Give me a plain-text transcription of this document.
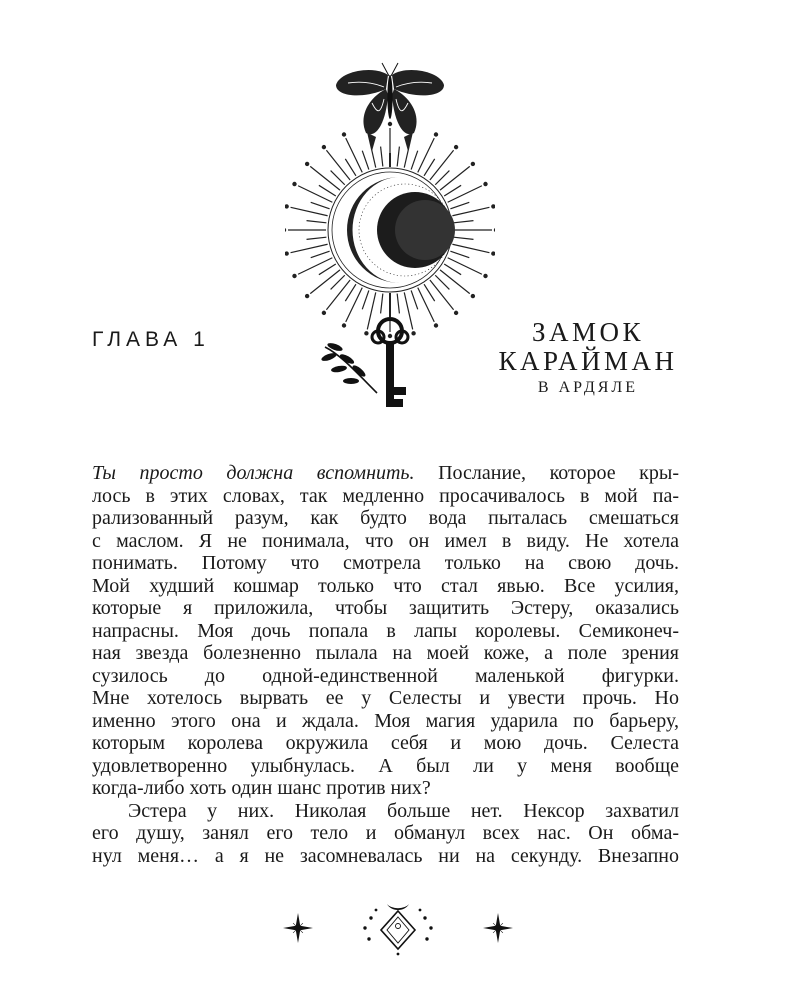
ГЛАВА 1	ЗАМОК
КАРАЙМАН
В АРДЯЛЕ
Ты просто должна вспомнить. Послание, которое кры-
лось в этих словах, так медленно просачивалось в мой па-
рализованный разум, как будто вода пыталась смешаться
с маслом. Я не понимала, что он имел в виду. Не хотела
понимать. Потому что смотрела только на свою дочь.
Мой худший кошмар только что стал явью. Все усилия,
которые я приложила, чтобы защитить Эстеру, оказались
напрасны. Моя дочь попала в лапы королевы. Семиконеч-
ная звезда болезненно пылала на моей коже, а поле зрения
сузилось до одной-единственной маленькой фигурки.
Мне хотелось вырвать ее у Селесты и увести прочь. Но
именно этого она и ждала. Моя магия ударила по барьеру,
которым королева окружила себя и мою дочь. Селеста
удовлетворенно улыбнулась. А был ли у меня вообще
когда-либо хоть один шанс против них?
Эстера у них. Николая больше нет. Нексор захватил
его душу, занял его тело и обманул всех нас. Он обма-
нул меня… а я не засомневалась ни на секунду. Внезапно
